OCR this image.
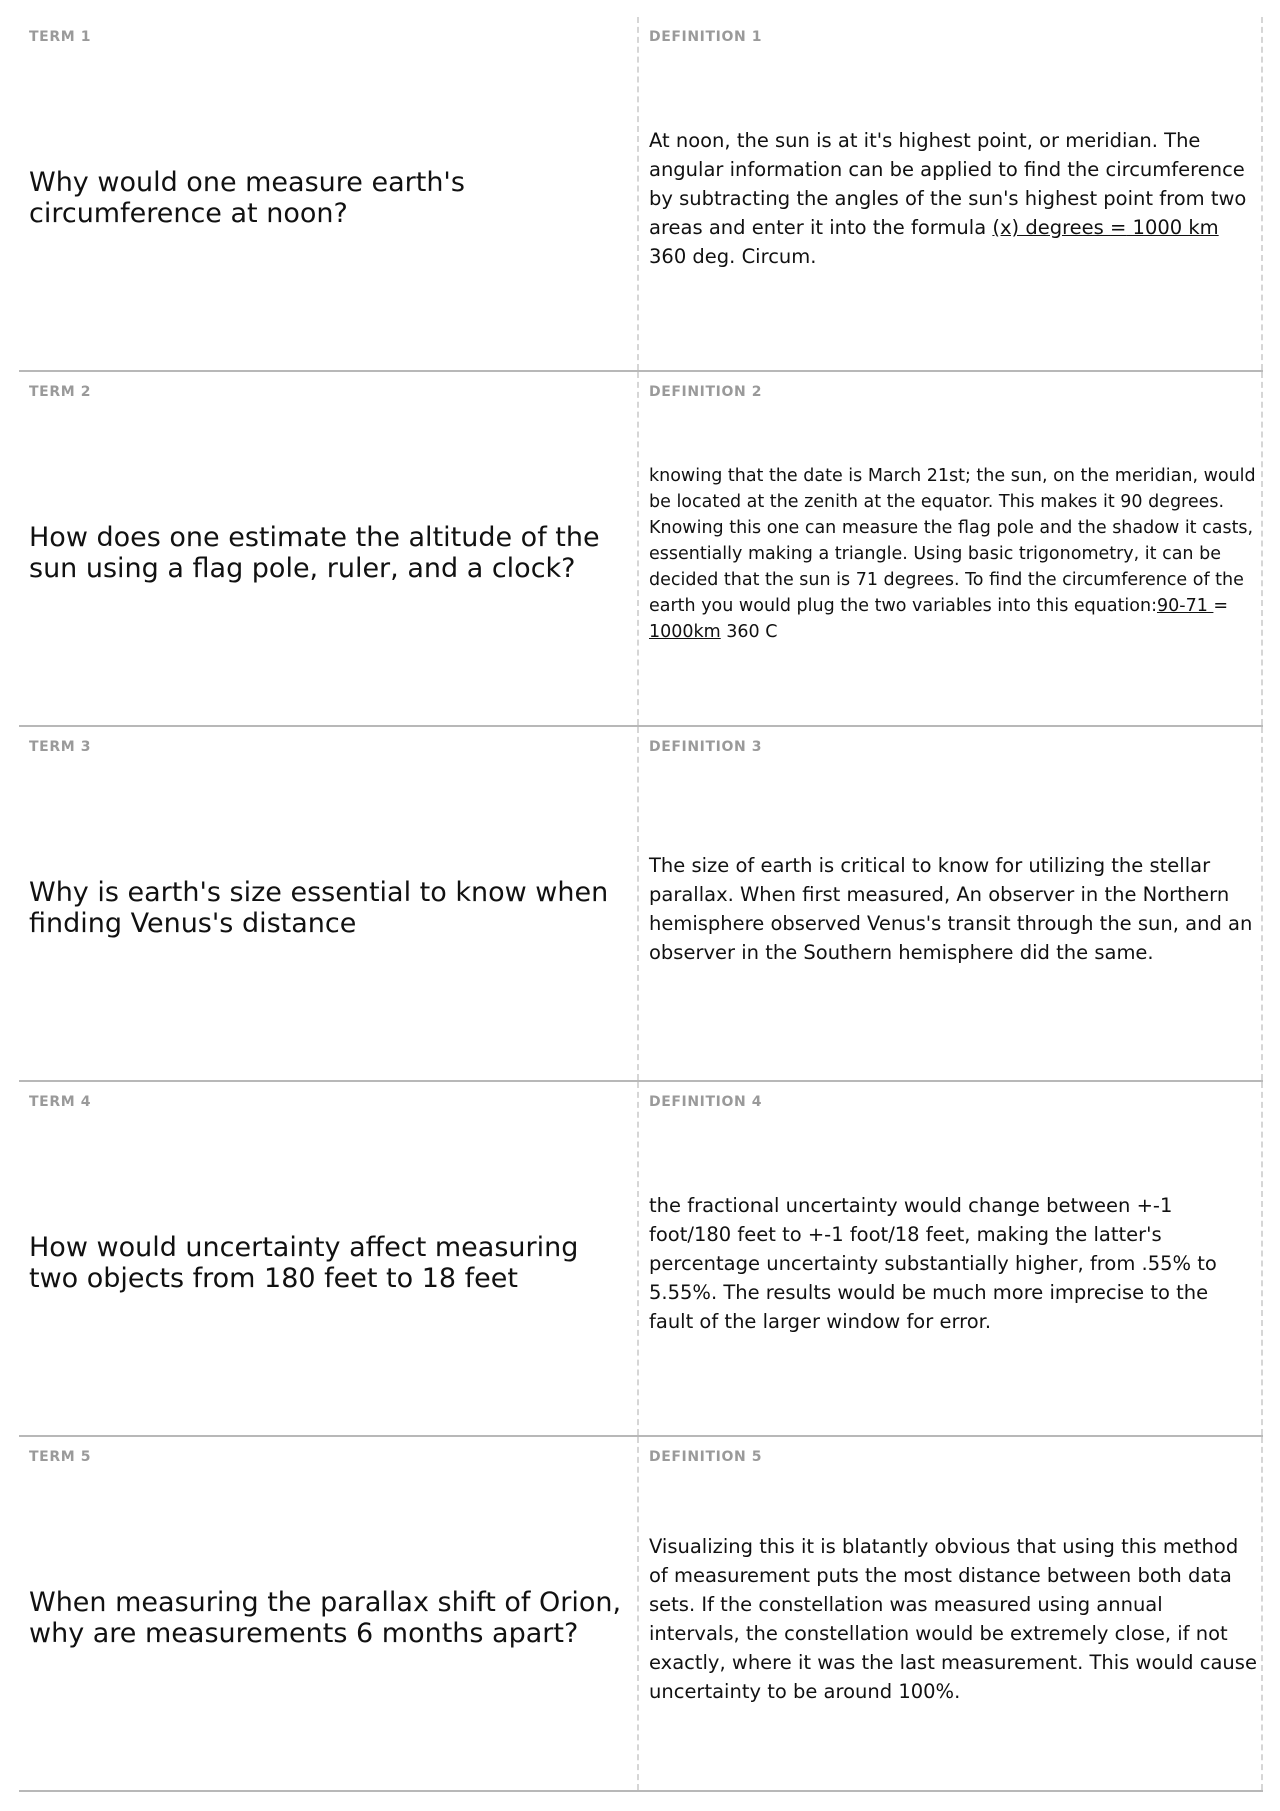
TERM 1
Why would one measure earth's circumference at noon?
DEFINITION 1
At noon, the sun is at it's highest point, or meridian. The angular information can be applied to find the circumference by subtracting the angles of the sun's highest point from two areas and enter it into the formula (x) degrees = 1000 km 360 deg. Circum.
TERM 2
How does one estimate the altitude of the sun using a flag pole, ruler, and a clock?
DEFINITION 2
knowing that the date is March 21st; the sun, on the meridian, would be located at the zenith at the equator. This makes it 90 degrees. Knowing this one can measure the flag pole and the shadow it casts, essentially making a triangle. Using basic trigonometry, it can be decided that the sun is 71 degrees. To find the circumference of the earth you would plug the two variables into this equation:90-71 = 1000km 360 C
TERM 3
Why is earth's size essential to know when finding Venus's distance
DEFINITION 3
The size of earth is critical to know for utilizing the stellar parallax. When first measured, An observer in the Northern hemisphere observed Venus's transit through the sun, and an observer in the Southern hemisphere did the same.
TERM 4
How would uncertainty affect measuring two objects from 180 feet to 18 feet
DEFINITION 4
the fractional uncertainty would change between +-1 foot/180 feet to +-1 foot/18 feet, making the latter's percentage uncertainty substantially higher, from .55% to 5.55%. The results would be much more imprecise to the fault of the larger window for error.
TERM 5
When measuring the parallax shift of Orion, why are measurements 6 months apart?
DEFINITION 5
Visualizing this it is blatantly obvious that using this method of measurement puts the most distance between both data sets. If the constellation was measured using annual intervals, the constellation would be extremely close, if not exactly, where it was the last measurement. This would cause uncertainty to be around 100%.
